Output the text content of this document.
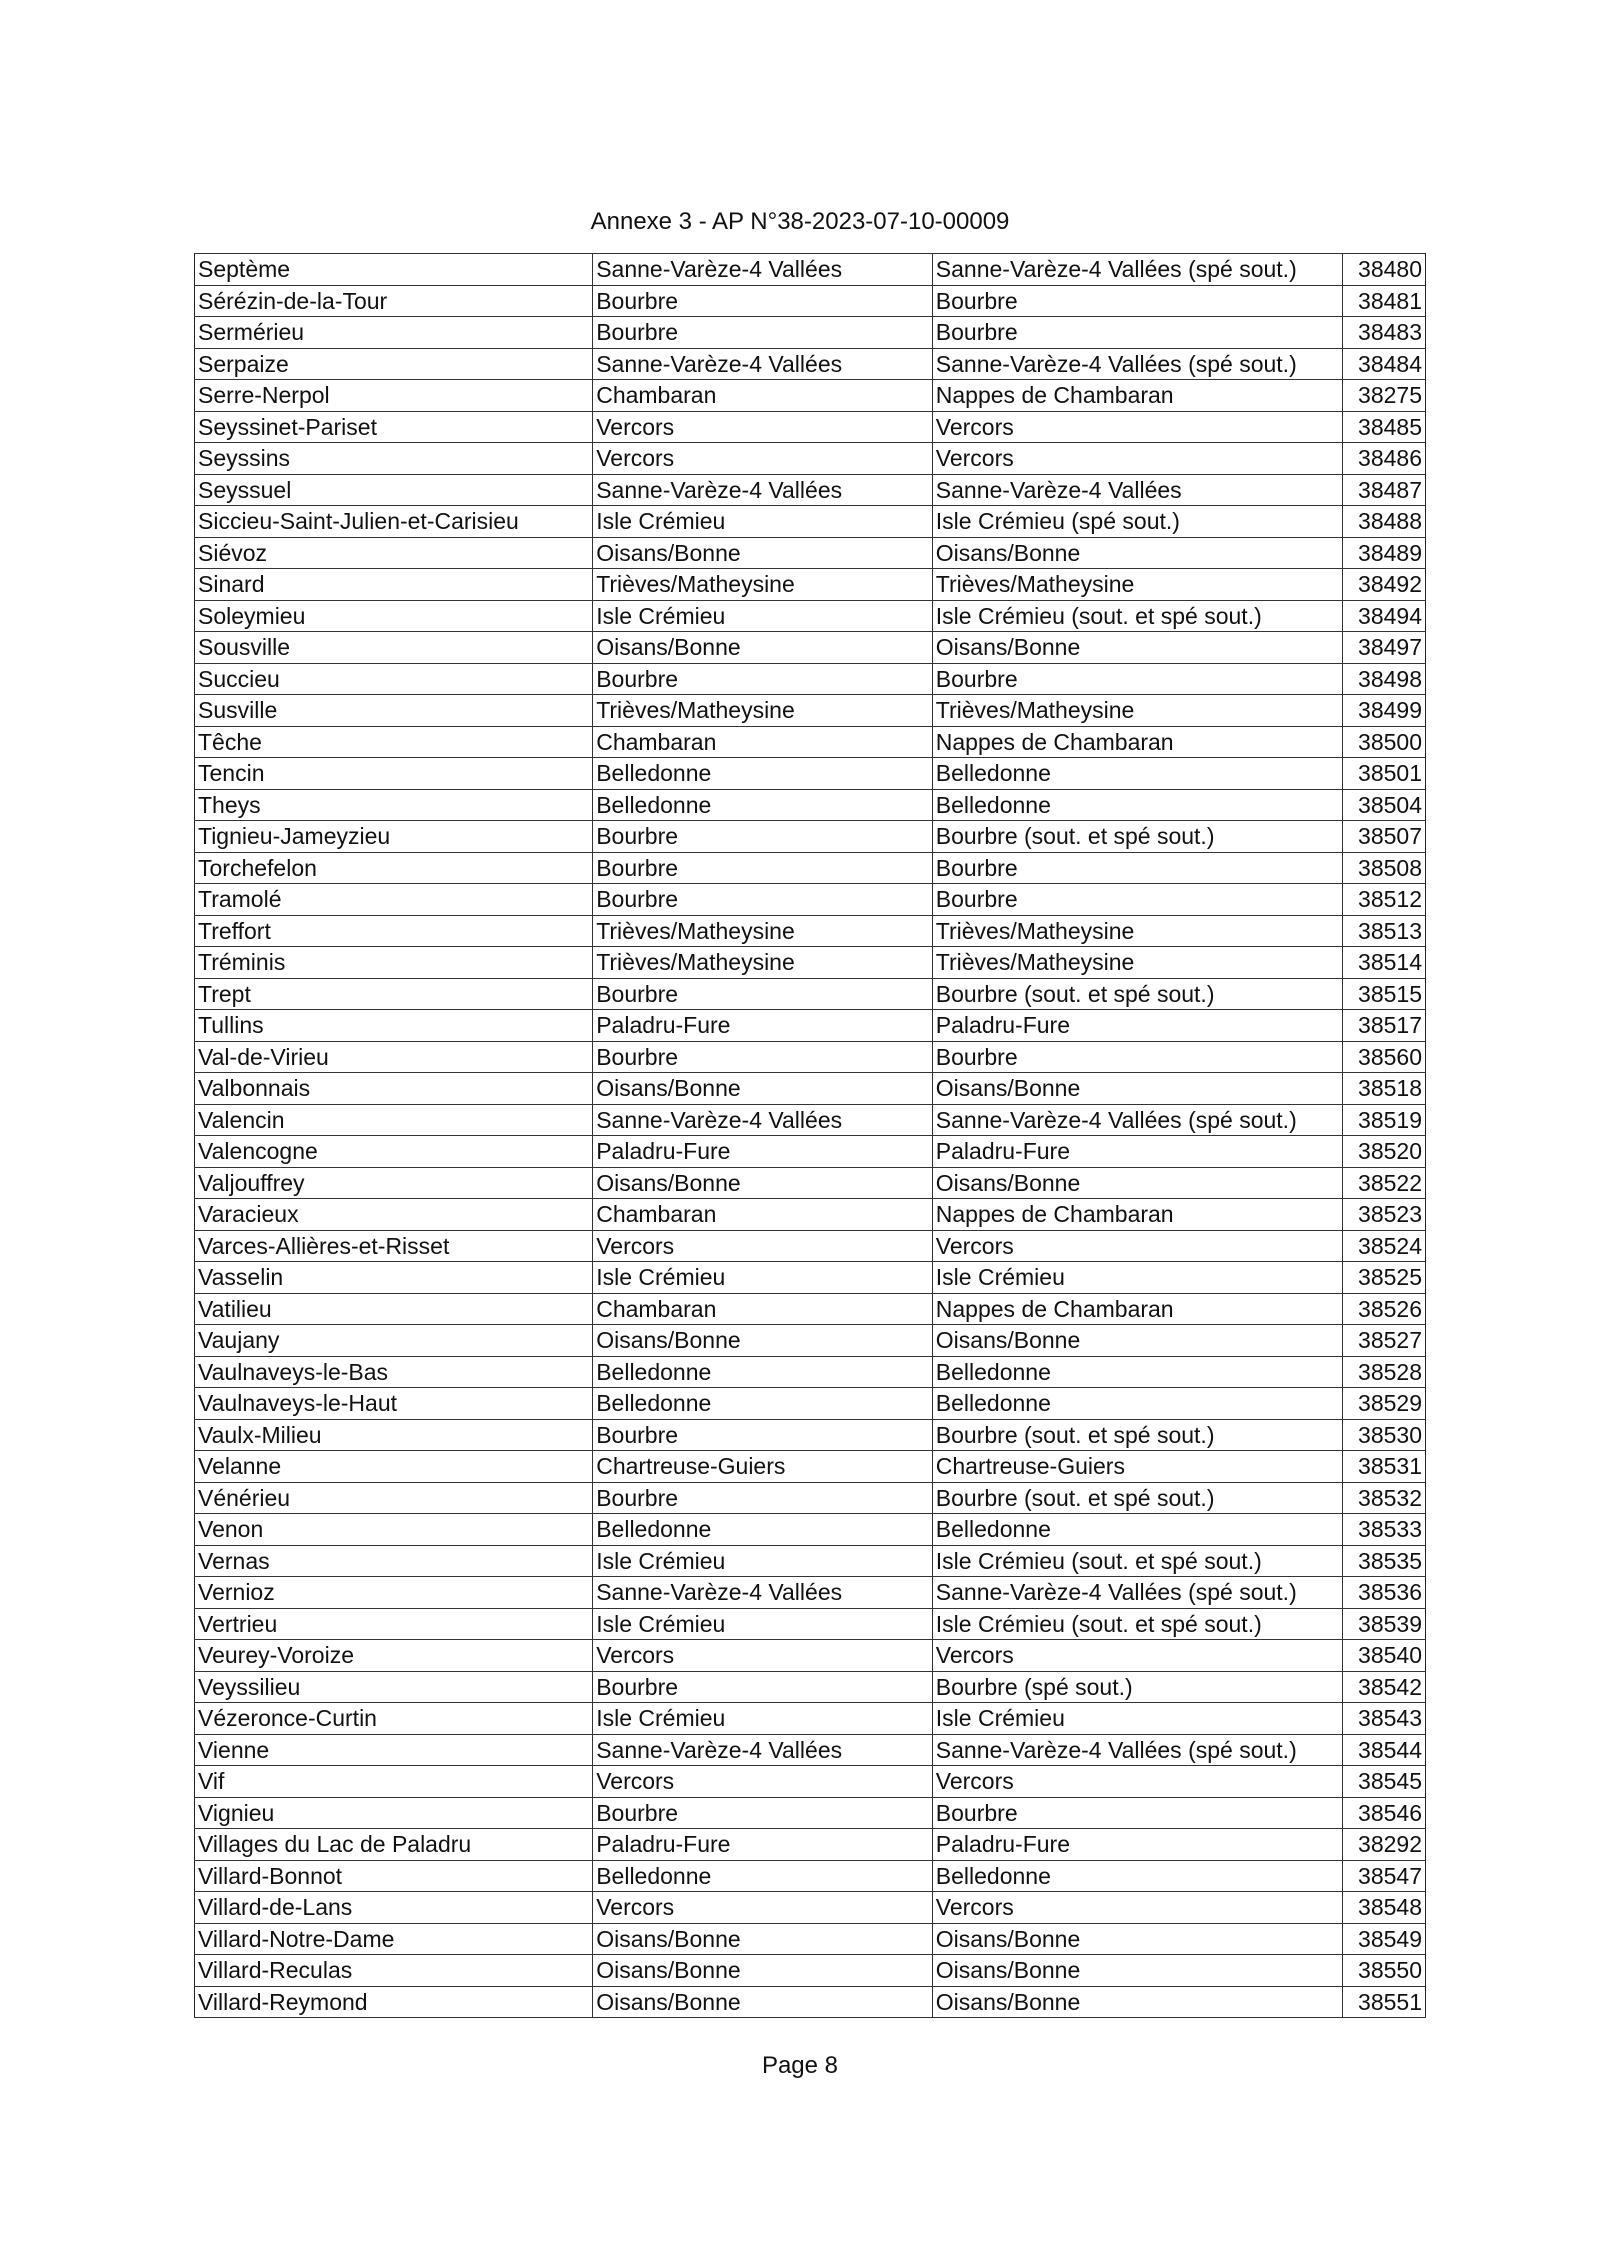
Annexe 3 - AP N°38-2023-07-10-00009
Septème	Sanne-Varèze-4 Vallées	Sanne-Varèze-4 Vallées (spé sout.)	38480
Sérézin-de-la-Tour	Bourbre	Bourbre	38481
Sermérieu	Bourbre	Bourbre	38483
Serpaize	Sanne-Varèze-4 Vallées	Sanne-Varèze-4 Vallées (spé sout.)	38484
Serre-Nerpol	Chambaran	Nappes de Chambaran	38275
Seyssinet-Pariset	Vercors	Vercors	38485
Seyssins	Vercors	Vercors	38486
Seyssuel	Sanne-Varèze-4 Vallées	Sanne-Varèze-4 Vallées	38487
Siccieu-Saint-Julien-et-Carisieu	Isle Crémieu	Isle Crémieu (spé sout.)	38488
Siévoz	Oisans/Bonne	Oisans/Bonne	38489
Sinard	Trièves/Matheysine	Trièves/Matheysine	38492
Soleymieu	Isle Crémieu	Isle Crémieu (sout. et spé sout.)	38494
Sousville	Oisans/Bonne	Oisans/Bonne	38497
Succieu	Bourbre	Bourbre	38498
Susville	Trièves/Matheysine	Trièves/Matheysine	38499
Têche	Chambaran	Nappes de Chambaran	38500
Tencin	Belledonne	Belledonne	38501
Theys	Belledonne	Belledonne	38504
Tignieu-Jameyzieu	Bourbre	Bourbre (sout. et spé sout.)	38507
Torchefelon	Bourbre	Bourbre	38508
Tramolé	Bourbre	Bourbre	38512
Treffort	Trièves/Matheysine	Trièves/Matheysine	38513
Tréminis	Trièves/Matheysine	Trièves/Matheysine	38514
Trept	Bourbre	Bourbre (sout. et spé sout.)	38515
Tullins	Paladru-Fure	Paladru-Fure	38517
Val-de-Virieu	Bourbre	Bourbre	38560
Valbonnais	Oisans/Bonne	Oisans/Bonne	38518
Valencin	Sanne-Varèze-4 Vallées	Sanne-Varèze-4 Vallées (spé sout.)	38519
Valencogne	Paladru-Fure	Paladru-Fure	38520
Valjouffrey	Oisans/Bonne	Oisans/Bonne	38522
Varacieux	Chambaran	Nappes de Chambaran	38523
Varces-Allières-et-Risset	Vercors	Vercors	38524
Vasselin	Isle Crémieu	Isle Crémieu	38525
Vatilieu	Chambaran	Nappes de Chambaran	38526
Vaujany	Oisans/Bonne	Oisans/Bonne	38527
Vaulnaveys-le-Bas	Belledonne	Belledonne	38528
Vaulnaveys-le-Haut	Belledonne	Belledonne	38529
Vaulx-Milieu	Bourbre	Bourbre (sout. et spé sout.)	38530
Velanne	Chartreuse-Guiers	Chartreuse-Guiers	38531
Vénérieu	Bourbre	Bourbre (sout. et spé sout.)	38532
Venon	Belledonne	Belledonne	38533
Vernas	Isle Crémieu	Isle Crémieu (sout. et spé sout.)	38535
Vernioz	Sanne-Varèze-4 Vallées	Sanne-Varèze-4 Vallées (spé sout.)	38536
Vertrieu	Isle Crémieu	Isle Crémieu (sout. et spé sout.)	38539
Veurey-Voroize	Vercors	Vercors	38540
Veyssilieu	Bourbre	Bourbre (spé sout.)	38542
Vézeronce-Curtin	Isle Crémieu	Isle Crémieu	38543
Vienne	Sanne-Varèze-4 Vallées	Sanne-Varèze-4 Vallées (spé sout.)	38544
Vif	Vercors	Vercors	38545
Vignieu	Bourbre	Bourbre	38546
Villages du Lac de Paladru	Paladru-Fure	Paladru-Fure	38292
Villard-Bonnot	Belledonne	Belledonne	38547
Villard-de-Lans	Vercors	Vercors	38548
Villard-Notre-Dame	Oisans/Bonne	Oisans/Bonne	38549
Villard-Reculas	Oisans/Bonne	Oisans/Bonne	38550
Villard-Reymond	Oisans/Bonne	Oisans/Bonne	38551
Page 8
